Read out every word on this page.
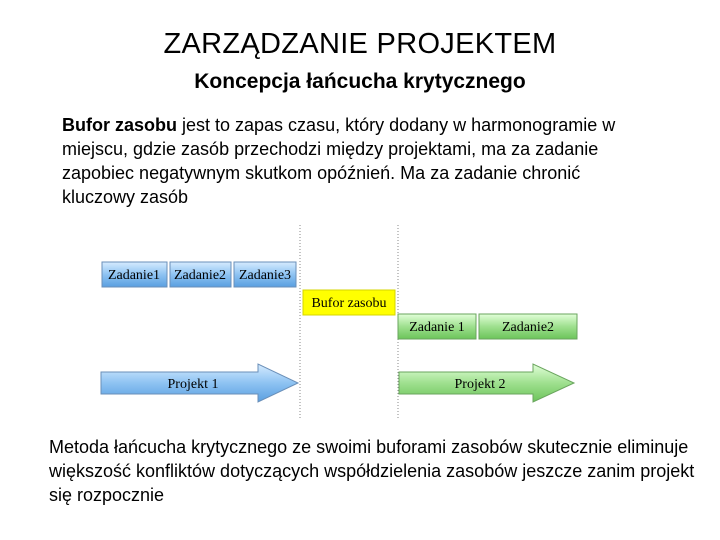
ZARZĄDZANIE PROJEKTEM
Koncepcja łańcucha krytycznego
Bufor zasobu jest to zapas czasu, który dodany w harmonogramie w miejscu, gdzie zasób przechodzi między projektami, ma za zadanie zapobiec negatywnym skutkom opóźnień. Ma za zadanie chronić kluczowy zasób
Zadanie1 Zadanie2 Zadanie3
Bufor zasobu
Zadanie 1	Zadanie2
Projekt 1	Projekt 2
Metoda łańcucha krytycznego ze swoimi buforami zasobów skutecznie eliminuje większość konfliktów dotyczących współdzielenia zasobów jeszcze zanim projekt się rozpocznie
